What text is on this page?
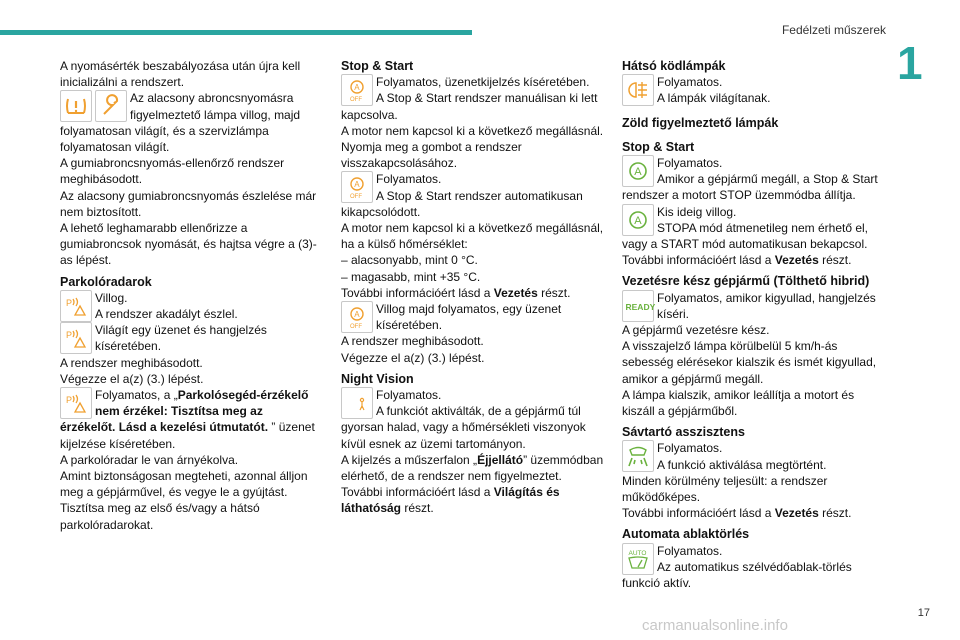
Fedélzeti műszerek
1
17
carmanualsonline.info

A nyomásérték beszabályozása után újra kell inicializálni a rendszert.

Az alacsony abroncsnyomásra

figyelmeztető lámpa villog, majd

folyamatosan világít, és a szervizlámpa folyamatosan világít.

A gumiabroncsnyomás-ellenőrző rendszer meghibásodott.

Az alacsony gumiabroncsnyomás észlelése már nem biztosított.

A lehető leghamarabb ellenőrizze a gumiabroncsok nyomását, és hajtsa végre a (3)-as lépést.

Parkolóradarok

P Villog.

A rendszer akadályt észlel.

P Világít egy üzenet és hangjelzés

kíséretében.

A rendszer meghibásodott.

Végezze el a(z) (3.) lépést.

P Folyamatos, a „Parkolósegéd-érzékelő

nem érzékel: Tisztítsa meg az

érzékelőt. Lásd a kezelési útmutatót. ” üzenet

kijelzése kíséretében.

A parkolóradar le van árnyékolva.

Amint biztonságosan megteheti, azonnal álljon meg a gépjárművel, és vegye le a gyújtást.

Tisztítsa meg az első és/vagy a hátsó parkolóradarokat.

Stop & Start

A
OFF

Folyamatos, üzenetkijelzés kíséretében.

A Stop & Start rendszer manuálisan ki lett

kapcsolva.

A motor nem kapcsol ki a következő megállásnál.

Nyomja meg a gombot a rendszer visszakapcsolásához.

A
OFF

Folyamatos.

A Stop & Start rendszer automatikusan

kikapcsolódott.

A motor nem kapcsol ki a következő megállásnál, ha a külső hőmérséklet:

– alacsonyabb, mint 0 °C.

– magasabb, mint +35 °C.

További információért lásd a Vezetés részt.

A
OFF

Villog majd folyamatos, egy üzenet

kíséretében.

A rendszer meghibásodott.

Végezze el a(z) (3.) lépést.

Night Vision

Folyamatos.

A funkciót aktiválták, de a gépjármű túl

gyorsan halad, vagy a hőmérsékleti viszonyok kívül esnek az üzemi tartományon.

A kijelzés a műszerfalon „Éjjellátó” üzemmódban elérhető, de a rendszer nem figyelmeztet.

További információért lásd a Világítás és láthatóság részt.

Hátsó ködlámpák

Folyamatos.

A lámpák világítanak.

Zöld figyelmeztető lámpák

Stop & Start

A

Folyamatos.

Amikor a gépjármű megáll, a Stop & Start

rendszer a motort STOP üzemmódba állítja.

A

Kis ideig villog.

STOPA mód átmenetileg nem érhető el,

vagy a START mód automatikusan bekapcsol.

További információért lásd a Vezetés részt.

Vezetésre kész gépjármű (Tölthető hibrid)

READY

Folyamatos, amikor kigyullad, hangjelzés

kíséri.

A gépjármű vezetésre kész.

A visszajelző lámpa körülbelül 5 km/h-ás sebesség elérésekor kialszik és ismét kigyullad, amikor a gépjármű megáll.

A lámpa kialszik, amikor leállítja a motort és kiszáll a gépjárműből.

Sávtartó asszisztens

Folyamatos.

A funkció aktiválása megtörtént.

Minden körülmény teljesült: a rendszer működőképes.

További információért lásd a Vezetés részt.

Automata ablaktörlés

AUTO Folyamatos.

Az automatikus szélvédőablak-törlés

funkció aktív.
